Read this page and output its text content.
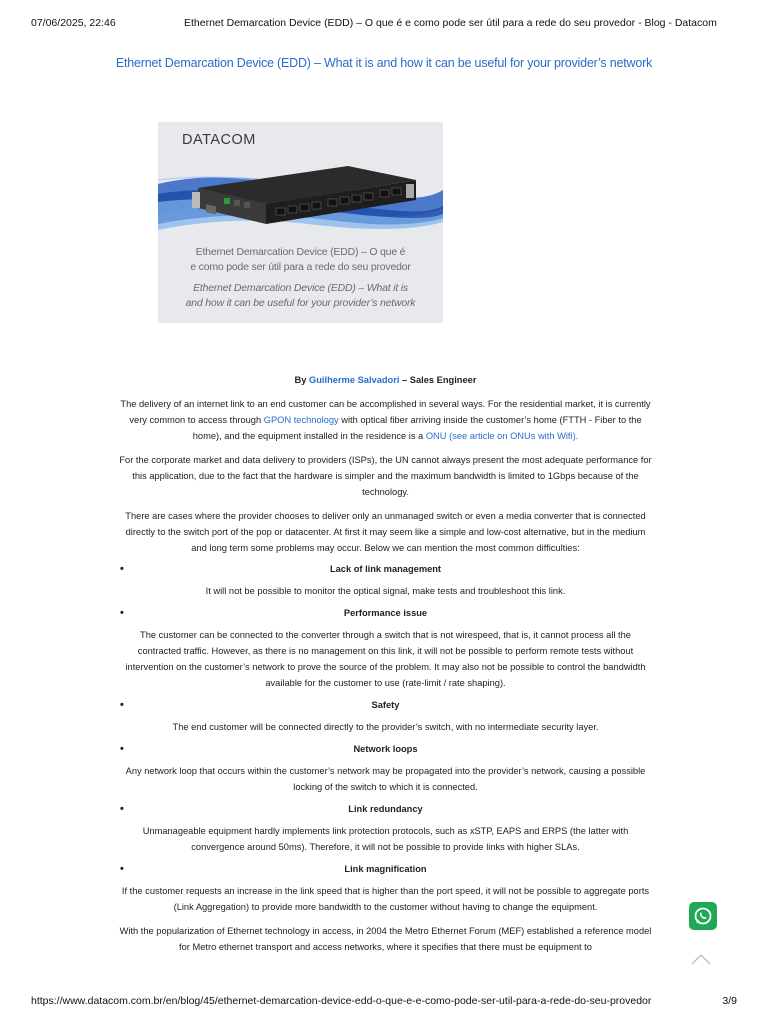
07/06/2025, 22:46	Ethernet Demarcation Device (EDD) – O que é e como pode ser útil para a rede do seu provedor - Blog - Datacom
Ethernet Demarcation Device (EDD) – What it is and how it can be useful for your provider’s network
DATACOM
Ethernet Demarcation Device (EDD) – O que é
e como pode ser útil para a rede do seu provedor
Ethernet Demarcation Device (EDD) – What it is
and how it can be useful for your provider’s network

By Guilherme Salvadori – Sales Engineer

The delivery of an internet link to an end customer can be accomplished in several ways. For the residential market, it is currently very common to access through GPON technology with optical fiber arriving inside the customer’s home (FTTH - Fiber to the home), and the equipment installed in the residence is a ONU (see article on ONUs with Wifi).

For the corporate market and data delivery to providers (ISPs), the UN cannot always present the most adequate performance for this application, due to the fact that the hardware is simpler and the maximum bandwidth is limited to 1Gbps because of the technology.

There are cases where the provider chooses to deliver only an unmanaged switch or even a media converter that is connected directly to the switch port of the pop or datacenter. At first it may seem like a simple and low-cost alternative, but in the medium and long term some problems may occur. Below we can mention the most common difficulties:

•	Lack of link management

It will not be possible to monitor the optical signal, make tests and troubleshoot this link.

•	Performance issue

The customer can be connected to the converter through a switch that is not wirespeed, that is, it cannot process all the contracted traffic. However, as there is no management on this link, it will not be possible to perform remote tests without intervention on the customer’s network to prove the source of the problem. It may also not be possible to control the bandwidth available for the customer to use (rate-limit / rate shaping).

•	Safety

The end customer will be connected directly to the provider’s switch, with no intermediate security layer.

•	Network loops

Any network loop that occurs within the customer’s network may be propagated into the provider’s network, causing a possible locking of the switch to which it is connected.

•	Link redundancy

Unmanageable equipment hardly implements link protection protocols, such as xSTP, EAPS and ERPS (the latter with convergence around 50ms). Therefore, it will not be possible to provide links with higher SLAs.

•	Link magnification

If the customer requests an increase in the link speed that is higher than the port speed, it will not be possible to aggregate ports (Link Aggregation) to provide more bandwidth to the customer without having to change the equipment.

With the popularization of Ethernet technology in access, in 2004 the Metro Ethernet Forum (MEF) established a reference model for Metro ethernet transport and access networks, where it specifies that there must be equipment to

https://www.datacom.com.br/en/blog/45/ethernet-demarcation-device-edd-o-que-e-e-como-pode-ser-util-para-a-rede-do-seu-provedor	3/9
